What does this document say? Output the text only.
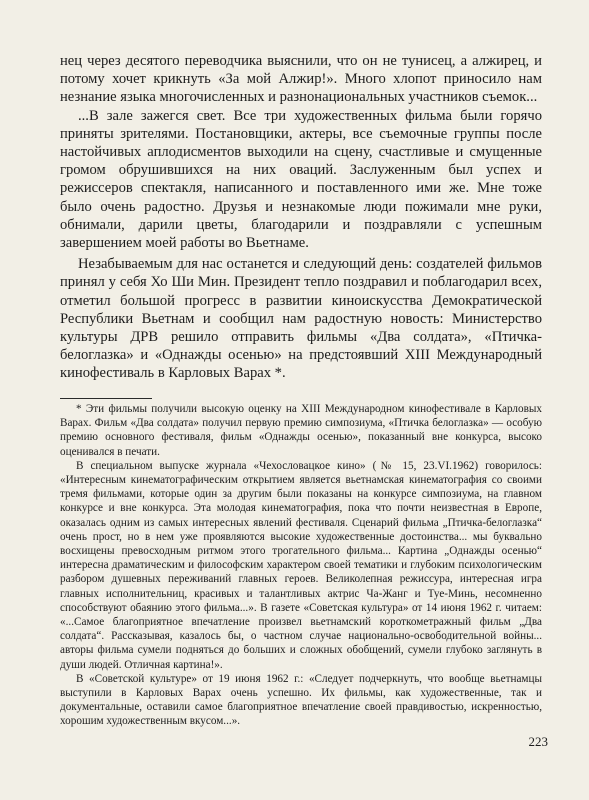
нец через десятого переводчика выяснили, что он не тунисец, а алжирец, и потому хочет крикнуть «За мой Алжир!». Много хлопот приносило нам незнание языка многочисленных и разнонациональных участников съемок...

...В зале зажегся свет. Все три художественных фильма были горячо приняты зрителями. Постановщики, актеры, все съемочные группы после настойчивых аплодисментов выходили на сцену, счастливые и смущенные громом обрушившихся на них оваций. Заслуженным был успех и режиссеров спектакля, написанного и поставленного ими же. Мне тоже было очень радостно. Друзья и незнакомые люди пожимали мне руки, обнимали, дарили цветы, благодарили и поздравляли с успешным завершением моей работы во Вьетнаме.

Незабываемым для нас останется и следующий день: создателей фильмов принял у себя Хо Ши Мин. Президент тепло поздравил и поблагодарил всех, отметил большой прогресс в развитии киноискусства Демократической Республики Вьетнам и сообщил нам радостную новость: Министерство культуры ДРВ решило отправить фильмы «Два солдата», «Птичка-белоглазка» и «Однажды осенью» на предстоявший XIII Международный кинофестиваль в Карловых Варах *.

* Эти фильмы получили высокую оценку на XIII Международном кинофестивале в Карловых Варах. Фильм «Два солдата» получил первую премию симпозиума, «Птичка белоглазка» — особую премию основного фестиваля, фильм «Однажды осенью», показанный вне конкурса, высоко оценивался в печати.

В специальном выпуске журнала «Чехословацкое кино» (№ 15, 23.VI.1962) говорилось: «Интересным кинематографическим открытием является вьетнамская кинематография со своими тремя фильмами, которые один за другим были показаны на конкурсе симпозиума, на главном конкурсе и вне конкурса. Эта молодая кинематография, пока что почти неизвестная в Европе, оказалась одним из самых интересных явлений фестиваля. Сценарий фильма „Птичка-белоглазка“ очень прост, но в нем уже проявляются высокие художественные достоинства... мы буквально восхищены превосходным ритмом этого трогательного фильма... Картина „Однажды осенью“ интересна драматическим и философским характером своей тематики и глубоким психологическим разбором душевных переживаний главных героев. Великолепная режиссура, интересная игра главных исполнительниц, красивых и талантливых актрис Ча-Жанг и Туе-Минь, несомненно способствуют обаянию этого фильма...». В газете «Советская культура» от 14 июня 1962 г. читаем: «...Самое благоприятное впечатление произвел вьетнамский короткометражный фильм „Два солдата“. Рассказывая, казалось бы, о частном случае национально-освободительной войны... авторы фильма сумели подняться до больших и сложных обобщений, сумели глубоко заглянуть в души людей. Отличная картина!».

В «Советской культуре» от 19 июня 1962 г.: «Следует подчеркнуть, что вообще вьетнамцы выступили в Карловых Варах очень успешно. Их фильмы, как художественные, так и документальные, оставили самое благоприятное впечатление своей правдивостью, искренностью, хорошим художественным вкусом...».

223
